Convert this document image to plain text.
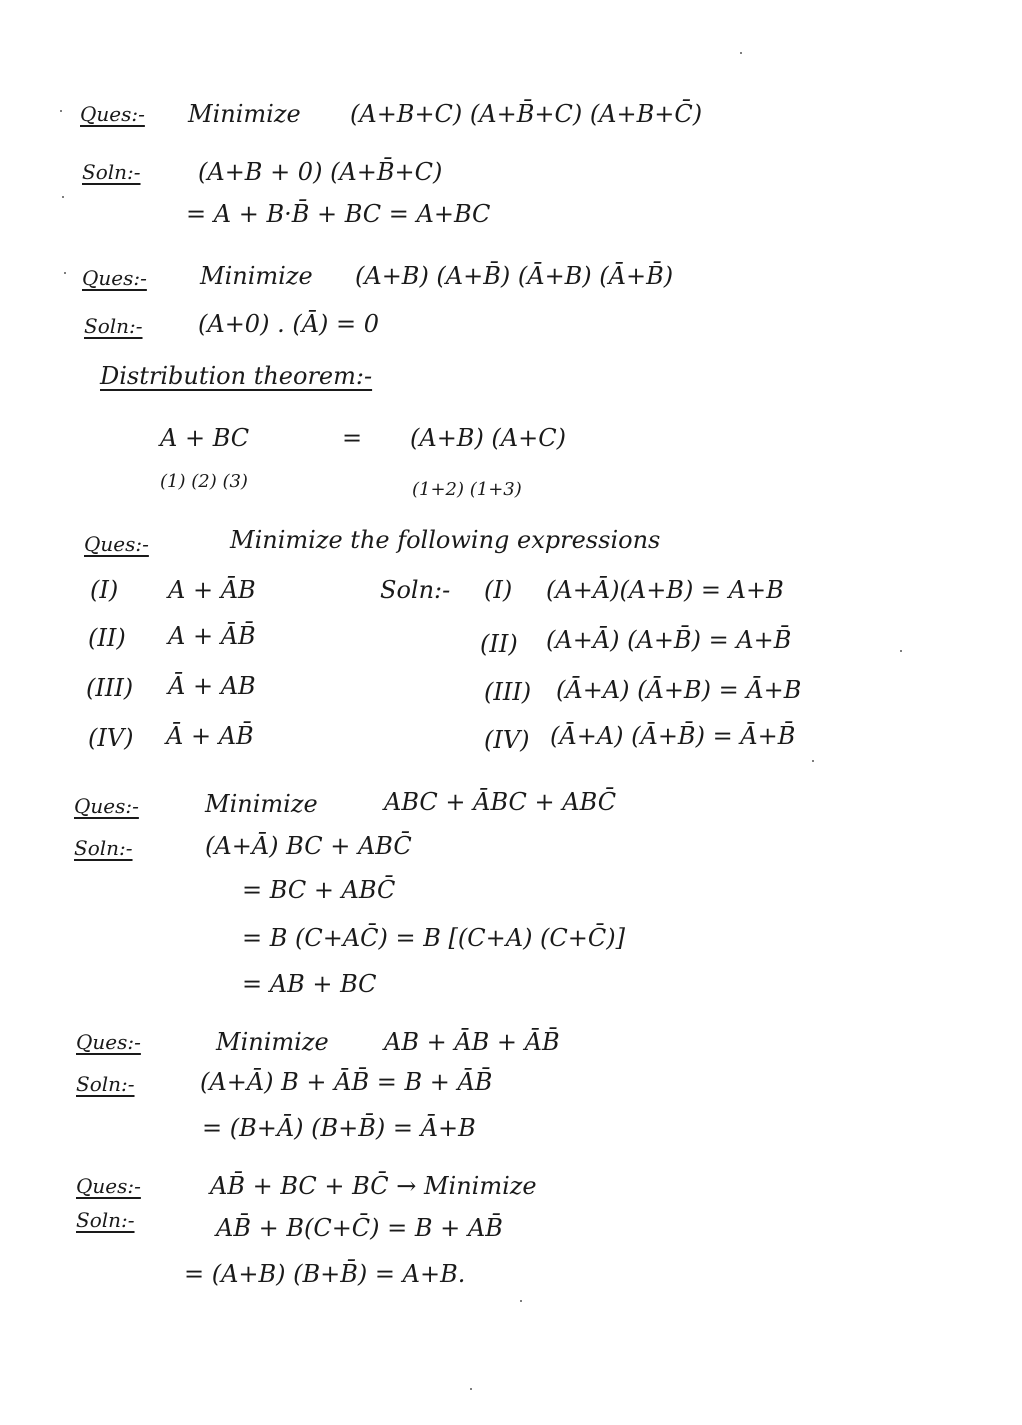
Ques:- Minimize (A+B+C) (A+B̄+C) (A+B+C̄)
Soln:- (A+B + 0) (A+B̄+C)
= A + B·B̄ + BC = A+BC
Ques:- Minimize (A+B) (A+B̄) (Ā+B) (Ā+B̄)
Soln:- (A+0) . (Ā) = 0
Distribution theorem:-
A + BC	= (A+B) (A+C)
(1) (2) (3)	(1+2) (1+3)
Ques:-	Minimize the following expressions
Soln:-
(I) A + ĀB	(I) (A+Ā)(A+B) = A+B
(II) A + ĀB̄	(II) (A+Ā) (A+B̄) = A+B̄
(III) Ā + AB	(III) (Ā+A) (Ā+B) = Ā+B
(IV) Ā + AB̄	(IV) (Ā+A) (Ā+B̄) = Ā+B̄
Ques:-	Minimize	ABC + ĀBC + ABC̄
Soln:-	(A+Ā) BC + ABC̄
= BC + ABC̄
= B (C+AC̄) = B [(C+A) (C+C̄)]
= AB + BC
Ques:-	Minimize AB + ĀB + ĀB̄
Soln:-	(A+Ā) B + ĀB̄ = B + ĀB̄
= (B+Ā) (B+B̄) = Ā+B
Ques:-	AB̄ + BC + BC̄ → Minimize
Soln:-	AB̄ + B(C+C̄) = B + AB̄
= (A+B) (B+B̄) = A+B.
